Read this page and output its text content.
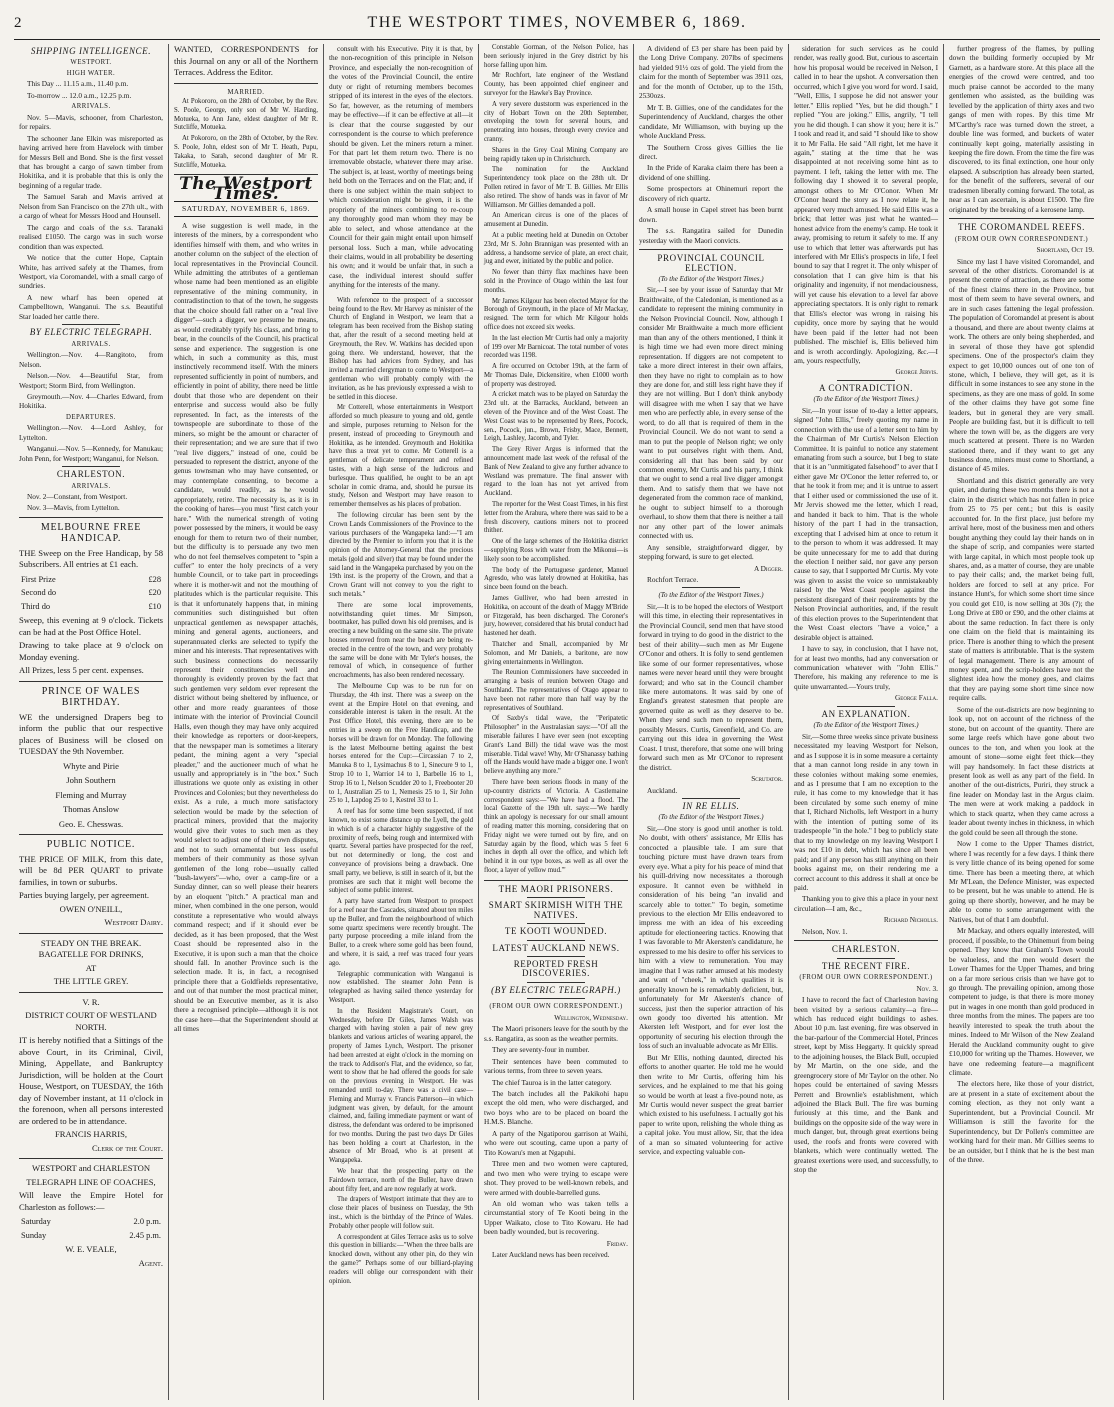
2	THE WESTPORT TIMES, NOVEMBER 6, 1869.
SHIPPING INTELLIGENCE.
WESTPORT.
HIGH WATER.

This Day ... 11.15 a.m., 11.40 p.m.

To-morrow ... 12.0 a.m., 12.25 p.m.

ARRIVALS.

Nov. 5—Mavis, schooner, from Charleston, for repairs.

The schooner Jane Elkin was misreported as having arrived here from Havelock with timber for Messrs Bell and Bond. She is the first vessel that has brought a cargo of sawn timber from Hokitika, and it is probable that this is only the beginning of a regular trade.

The Samuel Sarah and Mavis arrived at Nelson from San Francisco on the 27th ult., with a cargo of wheat for Messrs Hood and Hounsell.

The cargo and coals of the s.s. Taranaki realised £1050. The cargo was in such worse condition than was expected.

We notice that the cutter Hope, Captain White, has arrived safely at the Thames, from Westport, via Coromandel, with a small cargo of sundries.

A new wharf has been opened at Campbelltown, Wanganui. The s.s. Beautiful Star loaded her cattle there.

BY ELECTRIC TELEGRAPH.
ARRIVALS.

Wellington.—Nov. 4—Rangitoto, from Nelson.

Nelson.—Nov. 4—Beautiful Star, from Westport; Storm Bird, from Wellington.

Greymouth.—Nov. 4—Charles Edward, from Hokitika.

DEPARTURES.

Wellington.—Nov. 4—Lord Ashley, for Lyttelton.

Wanganui.—Nov. 5—Kennedy, for Manukau; John Penn, for Westport; Wanganui, for Nelson.

CHARLESTON.
ARRIVALS.

Nov. 2—Constant, from Westport.

Nov. 3—Mavis, from Lyttelton.

MELBOURNE FREE HANDICAP.

THE Sweep on the Free Handicap, by 58 Subscribers. All entries at £1 each.

First Prize	£28
Second do	£20
Third do	£10

Sweep, this evening at 9 o'clock. Tickets can be had at the Post Office Hotel.

Drawing to take place at 9 o'clock on Monday evening.

All Prizes, less 5 per cent. expenses.

PRINCE OF WALES BIRTHDAY.

WE the undersigned Drapers beg to inform the public that our respective places of Business will be closed on TUESDAY the 9th November.

Whyte and Pirie

John Southern

Fleming and Murray

Thomas Anslow

Geo. E. Chesswas.

PUBLIC NOTICE.

THE PRICE OF MILK, from this date, will be 8d PER QUART to private families, in town or suburbs.

Parties buying largely, per agreement.

OWEN O'NEILL,

Westport Dairy.

STEADY ON THE BREAK. BAGATELLE FOR DRINKS,

AT

THE LITTLE GREY.

V. R.

DISTRICT COURT OF WESTLAND NORTH.

IT is hereby notified that a Sittings of the above Court, in its Criminal, Civil, Mining, Appellate, and Bankruptcy Jurisdiction, will be holden at the Court House, Westport, on TUESDAY, the 16th day of November instant, at 11 o'clock in the forenoon, when all persons interested are ordered to be in attendance.

FRANCIS HARRIS,

Clerk of the Court.

WESTPORT and CHARLESTON

TELEGRAPH LINE OF COACHES,

Will leave the Empire Hotel for Charleston as follows:—

Saturday	2.0 p.m.
Sunday	2.45 p.m.

W. E. VEALE,

Agent.

WANTED, CORRESPONDENTS for this Journal on any or all of the Northern Terraces. Address the Editor.

MARRIED.

At Pokororo, on the 28th of October, by the Rev. S. Poole, George, only son of Mr W. Harding, Motueka, to Ann Jane, eldest daughter of Mr R. Sutcliffe, Motueka.

At Pokororo, on the 28th of October, by the Rev. S. Poole, John, eldest son of Mr T. Heath, Pupu, Takaka, to Sarah, second daughter of Mr R. Sutcliffe, Motueka.

The Westport Times.
SATURDAY, NOVEMBER 6, 1869.

A wise suggestion is well made, in the interests of the miners, by a correspondent who identifies himself with them, and who writes in another column on the subject of the election of local representatives in the Provincial Council. While admitting the attributes of a gentleman whose name had been mentioned as an eligible representative of the mining community, in contradistinction to that of the town, he suggests that the choice should fall rather on a "real live digger"—such a digger, we presume he means, as would creditably typify his class, and bring to bear, in the councils of the Council, his practical sense and experience. The suggestion is one which, in such a community as this, must instinctively recommend itself. With the miners represented sufficiently in point of numbers, and efficiently in point of ability, there need be little doubt that those who are dependent on their enterprise and success would also be fully represented. In fact, as the interests of the townspeople are subordinate to those of the miners, so might be the amount or character of their representation; and we are sure that if two "real live diggers," instead of one, could be persuaded to represent the district, anyone of the genus townsman who may have consented, or may contemplate consenting, to become a candidate, would readily, as he would appropriately, retire. The necessity is, as it is in the cooking of hares—you must "first catch your hare." With the numerical strength of voting power possessed by the miners, it would be easy enough for them to return two of their number, but the difficulty is to persuade any two men who do not feel themselves competent to "spin a cuffer" to enter the holy precincts of a very humble Council, or to take part in proceedings where it is mother-wit and not the mouthing of platitudes which is the particular requisite. This is that it unfortunately happens that, in mining communities such distinguished but often unpractical gentlemen as newspaper attachés, mining and general agents, auctioneers, and superannuated clerks are selected to typify the miner and his interests. That representatives with such business connections do necessarily represent their constituencies well and thoroughly is evidently proven by the fact that such gentlemen very seldom ever represent the district without being sheltered by influence, or other and more ready guarantees of those intimate with the interior of Provincial Council Halls, even though they may have only acquired their knowledge as reporters or door-keepers, that the newspaper man is sometimes a literary pedant, the mining agent a very "special pleader," and the auctioneer much of what he usually and appropriately is in "the box." Such illustrations we quote only as existing in other Provinces and Colonies; but they nevertheless do exist. As a rule, a much more satisfactory selection would be made by the selection of practical miners, provided that the majority would give their votes to such men as they would select to adjust one of their own disputes, and not to such ornamental but less useful members of their community as those sylvan gentlemen of the long robe—usually called "bush-lawyers"—who, over a camp-fire or a Sunday dinner, can so well please their hearers by an eloquent "pitch." A practical man and miner, when combined in the one person, would constitute a representative who would always command respect; and if it should ever be decided, as it has been proposed, that the West Coast should be represented also in the Executive, it is upon such a man that the choice should fall. In another Province such is the selection made. It is, in fact, a recognised principle there that a Goldfields representative, and out of that number the most practical miner, should be an Executive member, as it is also there a recognised principle—although it is not the case here—that the Superintendent should at all times

consult with his Executive. Pity it is that, by the non-recognition of this principle in Nelson Province, and especially the non-recognition of the votes of the Provincial Council, the entire duty or right of returning members becomes stripped of its interest in the eyes of the electors. So far, however, as the returning of members may be effective—if it can be effective at all—it is clear that the course suggested by our correspondent is the course to which preference should be given. Let the miners return a miner. For that part let them return two. There is no irremovable obstacle, whatever there may arise. The subject is, at least, worthy of meetings being held both on the Terraces and on the Flat; and, if there is one subject within the main subject to which consideration might be given, it is the propriety of the miners combining to re-coup any thoroughly good man whom they may be able to select, and whose attendance at the Council for their gain might entail upon himself personal loss. Such a man, while advocating their claims, would in all probability be deserting his own; and it would be unfair that, in such a case, the individual interest should suffer anything for the interests of the many.

With reference to the prospect of a successor being found to the Rev. Mr Harvey as minister of the Church of England in Westport, we learn that a telegram has been received from the Bishop stating that, after the result of a second meeting held at Greymouth, the Rev. W. Watkins has decided upon going there. We understand, however, that the Bishop has had advices from Sydney, and has invited a married clergyman to come to Westport—a gentleman who will probably comply with the invitation, as he has previously expressed a wish to be settled in this diocese.

Mr Cotterell, whose entertainments in Westport afforded so much pleasure to young and old, gentle and simple, purposes returning to Nelson for the present, instead of proceeding to Greymouth and Hokitika, as he intended. Greymouth and Hokitika have thus a treat yet to come. Mr Cotterell is a gentleman of delicate temperament and refined tastes, with a high sense of the ludicrous and burlesque. Thus qualified, he ought to be an apt scholar in comic drama, and, should he pursue its study, Nelson and Westport may have reason to remember themselves as his places of probation.

The following circular has been sent by the Crown Lands Commissioners of the Province to the various purchasers of the Wangapeka land:—"I am directed by the Premier to inform you that it is the opinion of the Attorney-General that the precious metals (gold and silver) that may be found under the said land in the Wangapeka purchased by you on the 19th inst. is the property of the Crown, and that a Crown Grant will not convey to you the right to such metals."

There are some local improvements, notwithstanding quiet times. Mr Simpson, bootmaker, has pulled down his old premises, and is erecting a new building on the same site. The private houses removed from near the beach are being re-erected in the centre of the town, and very probably the same will be done with Mr Tyler's houses, the removal of which, in consequence of further encroachments, has also been rendered necessary.

The Melbourne Cup was to be run for on Thursday, the 4th inst. There was a sweep on the event at the Empire Hotel on that evening, and considerable interest is taken in the result. At the Post Office Hotel, this evening, there are to be entries in a sweep on the Free Handicap, and the horses will be drawn for on Monday. The following is the latest Melbourne betting against the best horses entered for the Cup:—Circassian 7 to 2, Manuka 8 to 1, Lysimachus 8 to 1, Sinecure 9 to 1, Strop 10 to 1, Warrior 14 to 1, Barbelle 16 to 1, Strop 16 to 1, Nelson Scudder 20 to 1, Freebooter 20 to 1, Australian 25 to 1, Nemesis 25 to 1, Sir John 25 to 1, Lapdog 25 to 1, Kestrel 33 to 1.

A reef has for some time been suspected, if not known, to exist some distance up the Lyell, the gold in which is of a character highly suggestive of the proximity of reefs, being rough and intermixed with quartz. Several parties have prospected for the reef, but not determinedly or long, the cost and conveyance of provisions being a drawback. One small party, we believe, is still in search of it, but the promises are such that it might well become the subject of some public interest.

A party have started from Westport to prospect for a reef near the Cascades, situated about ten miles up the Buller, and from the neighbourhood of which some quartz specimens were recently brought. The party purpose proceeding a mile inland from the Buller, to a creek where some gold has been found, and where, it is said, a reef was traced four years ago.

Telegraphic communication with Wanganui is now established. The steamer John Penn is telegraphed as having sailed thence yesterday for Westport.

In the Resident Magistrate's Court, on Wednesday, before Dr Giles, James Walsh was charged with having stolen a pair of new grey blankets and various articles of wearing apparel, the property of James Lynch, Westport. The prisoner had been arrested at eight o'clock in the morning on the track to Addison's Flat, and the evidence, so far, went to show that he had offered the goods for sale on the previous evening in Westport. He was remanded until to-day. There was a civil case—Fleming and Murray v. Francis Patterson—in which judgment was given, by default, for the amount claimed, and, failing immediate payment or want of distress, the defendant was ordered to be imprisoned for two months. During the past two days Dr Giles has been holding a court at Charleston, in the absence of Mr Broad, who is at present at Wangapeka.

We hear that the prospecting party on the Fairdown terrace, north of the Buller, have drawn about fifty feet, and are now regularly at work.

The drapers of Westport intimate that they are to close their places of business on Tuesday, the 9th inst., which is the birthday of the Prince of Wales. Probably other people will follow suit.

A correspondent at Giles Terrace asks us to solve this question in billiards:—"When the three balls are knocked down, without any other pin, do they win the game?" Perhaps some of our billiard-playing readers will oblige our correspondent with their opinion.

Constable Gorman, of the Nelson Police, has been seriously injured in the Grey district by his horse falling upon him.

Mr Rochfort, late engineer of the Westland County, has been appointed chief engineer and surveyor for the Hawke's Bay Province.

A very severe duststorm was experienced in the city of Hobart Town on the 20th September, enveloping the town for several hours, and penetrating into houses, through every crevice and cranny.

Shares in the Grey Coal Mining Company are being rapidly taken up in Christchurch.

The nomination for the Auckland Superintendency took place on the 28th ult. Dr Pollen retired in favor of Mr T. B. Gillies. Mr Ellis also retired. The show of hands was in favor of Mr Williamson. Mr Gillies demanded a poll.

An American circus is one of the places of amusement at Dunedin.

At a public meeting held at Dunedin on October 23rd, Mr S. John Brannigan was presented with an address, a handsome service of plate, an erect chair, jug and ewer, initiated by the public and police.

No fewer than thirty flax machines have been sold in the Province of Otago within the last four months.

Mr James Kilgour has been elected Mayor for the Borough of Greymouth, in the place of Mr Mackay, resigned. The term for which Mr Kilgour holds office does not exceed six weeks.

In the last election Mr Curtis had only a majority of 199 over Mr Barnicoat. The total number of votes recorded was 1198.

A fire occurred on October 19th, at the farm of Mr Thomas Dale, Dickensitire, when £1000 worth of property was destroyed.

A cricket match was to be played on Saturday the 23rd ult. at the Barracks, Auckland, between an eleven of the Province and of the West Coast. The West Coast was to be represented by Rees, Pocock, sen., Pocock, jun., Brown, Frisby, Mace, Bennett, Leigh, Lashley, Jacomb, and Tyler.

The Grey River Argus is informed that the announcement made last week of the refusal of the Bank of New Zealand to give any further advance to Westland was premature. The final answer with regard to the loan has not yet arrived from Auckland.

The reporter for the West Coast Times, in his first letter from the Arahura, where there was said to be a fresh discovery, cautions miners not to proceed thither.

One of the large schemes of the Hokitika district—supplying Ross with water from the Mikonui—is likely soon to be accomplished.

The body of the Portuguese gardener, Manuel Agresdo, who was lately drowned at Hokitika, has since been found on the beach.

James Gulliver, who had been arrested in Hokitika, on account of the death of Maggy M'Bride or Fitzgerald, has been discharged. The Coroner's jury, however, considered that his brutal conduct had hastened her death.

Thatcher and Small, accompanied by Mr Solomon, and Mr Daniels, a baritone, are now giving entertainments in Wellington.

The Reunion Commissioners have succeeded in arranging a basis of reunion between Otago and Southland. The representatives of Otago appear to have been not rather more than half way by the representatives of Southland.

Of Saxby's tidal wave, the "Peripatetic Philosopher" in the Australasian says:—"Of all the miserable failures I have ever seen (not excepting Grant's Land Bill) the tidal wave was the most miserable. Tidal wave! Why, Mr O'Shanassy bathing off the Hands would have made a bigger one. I won't believe anything any more."

There have been serious floods in many of the up-country districts of Victoria. A Castlemaine correspondent says:—"We have had a flood. The local Gazette of the 19th ult. says:—'We hardly think an apology is necessary for our small amount of reading matter this morning, considering that on Friday night we were turned out by fire, and on Saturday again by the flood, which was 5 feet 6 inches in depth all over the office, and which left behind it in our type boxes, as well as all over the floor, a layer of yellow mud.'"

THE MAORI PRISONERS.
SMART SKIRMISH WITH THE NATIVES.
TE KOOTI WOUNDED.
LATEST AUCKLAND NEWS.
REPORTED FRESH DISCOVERIES.
(BY ELECTRIC TELEGRAPH.)
(FROM OUR OWN CORRESPONDENT.)

Wellington, Wednesday.

The Maori prisoners leave for the south by the s.s. Rangatira, as soon as the weather permits.

They are seventy-four in number.

Their sentences have been commuted to various terms, from three to seven years.

The chief Tauroa is in the latter category.

The batch includes all the Pakikohi hapu except the old men, who were discharged, and two boys who are to be placed on board the H.M.S. Blanche.

A party of the Ngatiporou garrison at Waihi, who were out scouting, came upon a party of Tito Kowaru's men at Ngapuhi.

Three men and two women were captured, and two men who were trying to escape were shot. They proved to be well-known rebels, and were armed with double-barrelled guns.

An old woman who was taken tells a circumstantial story of Te Kooti being in the Upper Waikato, close to Tito Kowaru. He had been badly wounded, but is recovering.

Friday.

Later Auckland news has been received.

A dividend of £3 per share has been paid by the Long Drive Company. 207lbs of specimens had yielded 91½ ozs of gold. The yield from the claim for the month of September was 3911 ozs, and for the month of October, up to the 15th, 2530ozs.

Mr T. B. Gillies, one of the candidates for the Superintendency of Auckland, charges the other candidate, Mr Williamson, with buying up the whole Auckland Press.

The Southern Cross gives Gillies the lie direct.

In the Pride of Karaka claim there has been a dividend of one shilling.

Some prospectors at Ohinemuri report the discovery of rich quartz.

A small house in Capel street has been burnt down.

The s.s. Rangatira sailed for Dunedin yesterday with the Maori convicts.

PROVINCIAL COUNCIL ELECTION.
(To the Editor of the Westport Times.)

Sir,—I see by your issue of Saturday that Mr Braithwaite, of the Caledonian, is mentioned as a candidate to represent the mining community in the Nelson Provincial Council. Now, although I consider Mr Braithwaite a much more efficient man than any of the others mentioned, I think it is high time we had even more direct mining representation. If diggers are not competent to take a more direct interest in their own affairs, then they have no right to complain as to how they are done for, and still less right have they if they are not willing. But I don't think anybody will disagree with me when I say that we have men who are perfectly able, in every sense of the word, to do all that is required of them in the Provincial Council. We do not want to send a man to put the people of Nelson right; we only want to put ourselves right with them. And, considering all that has been said by our common enemy, Mr Curtis and his party, I think that we ought to send a real live digger amongst them. And to satisfy them that we have not degenerated from the common race of mankind, he ought to subject himself to a thorough overhaul, to show them that there is neither a tail nor any other part of the lower animals connected with us.

Any sensible, straightforward digger, by stepping forward, is sure to get elected.

A Digger.

Rochfort Terrace.

(To the Editor of the Westport Times.)

Sir,—It is to be hoped the electors of Westport will this time, in electing their representatives in the Provincial Council, send men that have stood forward in trying to do good in the district to the best of their ability—such men as Mr Eugene O'Conor and others. It is folly to send gentlemen like some of our former representatives, whose names were never heard until they were brought forward; and who sat in the Council chamber like mere automatons. It was said by one of England's greatest statesmen that people are governed quite as well as they deserve to be. When they send such men to represent them, possibly Messrs. Curtis, Greenfield, and Co. are carrying out this idea in governing the West Coast. I trust, therefore, that some one will bring forward such men as Mr O'Conor to represent the district.

Scrutator.

Auckland.

IN RE ELLIS.
(To the Editor of the Westport Times.)

Sir,—One story is good until another is told. No doubt, with others' assistance, Mr Ellis has concocted a plausible tale. I am sure that touching picture must have drawn tears from every eye. What a pity for his peace of mind that his quill-driving now necessitates a thorough exposure. It cannot even be withheld in consideration of his being "an invalid and scarcely able to totter." To begin, sometime previous to the election Mr Ellis endeavored to impress me with an idea of his exceeding aptitude for electioneering tactics. Knowing that I was favorable to Mr Akersten's candidature, he expressed to me his desire to offer his services to him with a view to remuneration. You may imagine that I was rather amused at his modesty and want of "cheek," in which qualities it is generally known he is remarkably deficient, but, unfortunately for Mr Akersten's chance of success, just then the superior attraction of his own goody too diverted his attention. Mr Akersten left Westport, and for ever lost the opportunity of securing his election through the loss of such an invaluable advocate as Mr Ellis.

But Mr Ellis, nothing daunted, directed his efforts to another quarter. He told me he would then write to Mr Curtis, offering him his services, and he explained to me that his going so would be worth at least a five-pound note, as Mr Curtis would never suspect the great barrier which existed to his usefulness. I actually got his paper to write upon, relishing the whole thing as a capital joke. You must allow, Sir, that the idea of a man so situated volunteering for active service, and expecting valuable con-

sideration for such services as he could render, was really good. But, curious to ascertain how his proposal would be received in Nelson, I called in to hear the upshot. A conversation then occurred, which I give you word for word. I said, "Well, Ellis, I suppose he did not answer your letter." Ellis replied "Yes, but he did though." I replied "You are joking." Ellis, angrily, "I tell you he did though. I can show it you; here it is." I took and read it, and said "I should like to show it to Mr Falla. He said "All right, let me have it again," stating at the time that he was disappointed at not receiving some hint as to payment. I left, taking the letter with me. The following day I showed it to several people, amongst others to Mr O'Conor. When Mr O'Conor heard the story as I now relate it, he appeared very much amused. He said Ellis was a brick; that letter was just what he wanted—honest advice from the enemy's camp. He took it away, promising to return it safely to me. If any use to which that letter was afterwards put has interfered with Mr Ellis's prospects in life, I feel bound to say that I regret it. The only whisper of consolation that I can give him is that his originality and ingenuity, if not mendaciousness, will yet cause his elevation to a level far above appreciating spectators. It is only right to remark that Ellis's elector was wrong in raising his cupidity, once more by saying that he would have been paid if the letter had not been published. The mischief is, Ellis believed him and is wroth accordingly. Apologizing, &c.—I am, yours respectfully,

George Jervis.

A CONTRADICTION.
(To the Editor of the Westport Times.)

Sir,—In your issue of to-day a letter appears, signed "John Ellis," freely quoting my name in connection with the use of a letter sent to him by the Chairman of Mr Curtis's Nelson Election Committee. It is painful to notice any statement emanating from such a source, but I beg to state that it is an "unmitigated falsehood" to aver that I either gave Mr O'Conor the letter referred to, or that he took it from me; and it is untrue to assert that I either used or commissioned the use of it. Mr Jervis showed me the letter, which I read, and handed it back to him. That is the whole history of the part I had in the transaction, excepting that I advised him at once to return it to the person to whom it was addressed. It may be quite unnecessary for me to add that during the election I neither said, nor gave any person cause to say, that I supported Mr Curtis. My vote was given to assist the voice so unmistakeably raised by the West Coast people against the persistent disregard of their requirements by the Nelson Provincial authorities, and, if the result of this election proves to the Superintendent that the West Coast electors "have a voice," a desirable object is attained.

I have to say, in conclusion, that I have not, for at least two months, had any conversation or communication whatever with "John Ellis." Therefore, his making any reference to me is quite unwarranted.—Yours truly,

George Falla.

AN EXPLANATION.
(To the Editor of the Westport Times.)

Sir,—Some three weeks since private business necessitated my leaving Westport for Nelson, and as I suppose it is in some measure a certainty that a man cannot long reside in any town in these colonies without making some enemies, and as I presume that I am no exception to the rule, it has come to my knowledge that it has been circulated by some such enemy of mine that I, Richard Nicholls, left Westport in a hurry with the intention of putting some of its tradespeople "in the hole." I beg to publicly state that to my knowledge on my leaving Westport I was not £10 in debt, which has since all been paid; and if any person has still anything on their books against me, on their rendering me a correct account to this address it shall at once be paid.

Thanking you to give this a place in your next circulation—I am, &c.,

Richard Nicholls.

Nelson, Nov. 1.

CHARLESTON.
THE RECENT FIRE.
(FROM OUR OWN CORRESPONDENT.)

Nov. 3.

I have to record the fact of Charleston having been visited by a serious calamity—a fire—which has reduced eight buildings to ashes. About 10 p.m. last evening, fire was observed in the bar-parlour of the Commercial Hotel, Princes street, kept by Miss Heggarty. It quickly spread to the adjoining houses, the Black Bull, occupied by Mr Martin, on the one side, and the greengrocery store of Mr Taylor on the other. No hopes could be entertained of saving Messrs Perrett and Brownlie's establishment, which adjoined the Black Bull. The fire was burning furiously at this time, and the Bank and buildings on the opposite side of the way were in much danger, but, through great exertions being used, the roofs and fronts were covered with blankets, which were continually wetted. The greatest exertions were used, and successfully, to stop the

further progress of the flames, by pulling down the building formerly occupied by Mr Garnett, as a hardware store. At this place all the energies of the crowd were centred, and too much praise cannot be accorded to the many gentlemen who assisted, as the building was levelled by the application of thirty axes and two gangs of men with ropes. By this time Mr M'Carthy's race was turned down the street, a double line was formed, and buckets of water continually kept going, materially assisting in keeping the fire down. From the time the fire was discovered, to its final extinction, one hour only elapsed. A subscription has already been started, for the benefit of the sufferers, several of our tradesmen liberally coming forward. The total, as near as I can ascertain, is about £1500. The fire originated by the breaking of a kerosene lamp.

THE COROMANDEL REEFS.
(FROM OUR OWN CORRESPONDENT.)

Shortland, Oct 19.

Since my last I have visited Coromandel, and several of the other districts. Coromandel is at present the centre of attraction, as there are some of the finest claims there in the Province, but most of them seem to have several owners, and are in such cases fattening the legal profession. The population of Coromandel at present is about a thousand, and there are about twenty claims at work. The others are only being shepherded, and in several of those they have got splendid specimens. One of the prospector's claim they expect to get 10,000 ounces out of one ton of stone, which, I believe, they will get, as it is difficult in some instances to see any stone in the specimens, as they are one mass of gold. In some of the other claims they have got some fine leaders, but in general they are very small. People are building fast, but it is difficult to tell where the town will be, as the diggers are very much scattered at present. There is no Warden stationed there, and if they want to get any business done, miners must come to Shortland, a distance of 45 miles.

Shortland and this district generally are very quiet, and during these two months there is not a claim in the district which has not fallen in price from 25 to 75 per cent.; but this is easily accounted for. In the first place, just before my arrival here, most of the business men and others bought anything they could lay their hands on in the shape of scrip, and companies were started with large capital, in which most people took up shares, and, as a matter of course, they are unable to pay their calls; and, the market being full, holders are forced to sell at any price. For instance Hunt's, for which some short time since you could get £10, is now selling at 30s (?); the Long Drive at £80 or £90, and the other claims at about the same reduction. In fact there is only one claim on the field that is maintaining its price. There is another thing to which the present state of matters is attributable. That is the system of legal management. There is any amount of money spent, and the scrip-holders have not the slightest idea how the money goes, and claims that they are paying some short time since now require calls.

Some of the out-districts are now beginning to look up, not on account of the richness of the stone, but on account of the quantity. There are some large reefs which have gone about two ounces to the ton, and when you look at the amount of stone—some eight feet thick—they will pay handsomely. In fact these districts at present look as well as any part of the field. In another of the out-districts, Puriri, they struck a fine leader on Monday last in the Argus claim. The men were at work making a paddock in which to stack quartz, when they came across a leader about twenty inches in thickness, in which the gold could be seen all through the stone.

Now I come to the Upper Thames district, where I was recently for a few days. I think there is very little chance of its being opened for some time. There has been a meeting there, at which Mr M'Lean, the Defence Minister, was expected to be present, but he was unable to attend. He is going up there shortly, however, and he may be able to come to some arrangement with the Natives, but of that I am doubtful.

Mr Mackay, and others equally interested, will proceed, if possible, to the Ohinemuri from being opened. They know that Graham's Town would be valueless, and the men would desert the Lower Thames for the Upper Thames, and bring on a far more serious crisis than we have got to go through. The prevailing opinion, among those competent to judge, is that there is more money put in wages in one month than gold produced in three months from the mines. The papers are too heavily interested to speak the truth about the mines. Indeed to Mr Wilson of the New Zealand Herald the Auckland community ought to give £10,000 for writing up the Thames. However, we have one redeeming feature—a magnificent climate.

The electors here, like those of your district, are at present in a state of excitement about the coming election, as they not only want a Superintendent, but a Provincial Council. Mr Williamson is still the favorite for the Superintendency, but Dr Pollen's committee are working hard for their man. Mr Gillies seems to be an outsider, but I think that he is the best man of the three.
